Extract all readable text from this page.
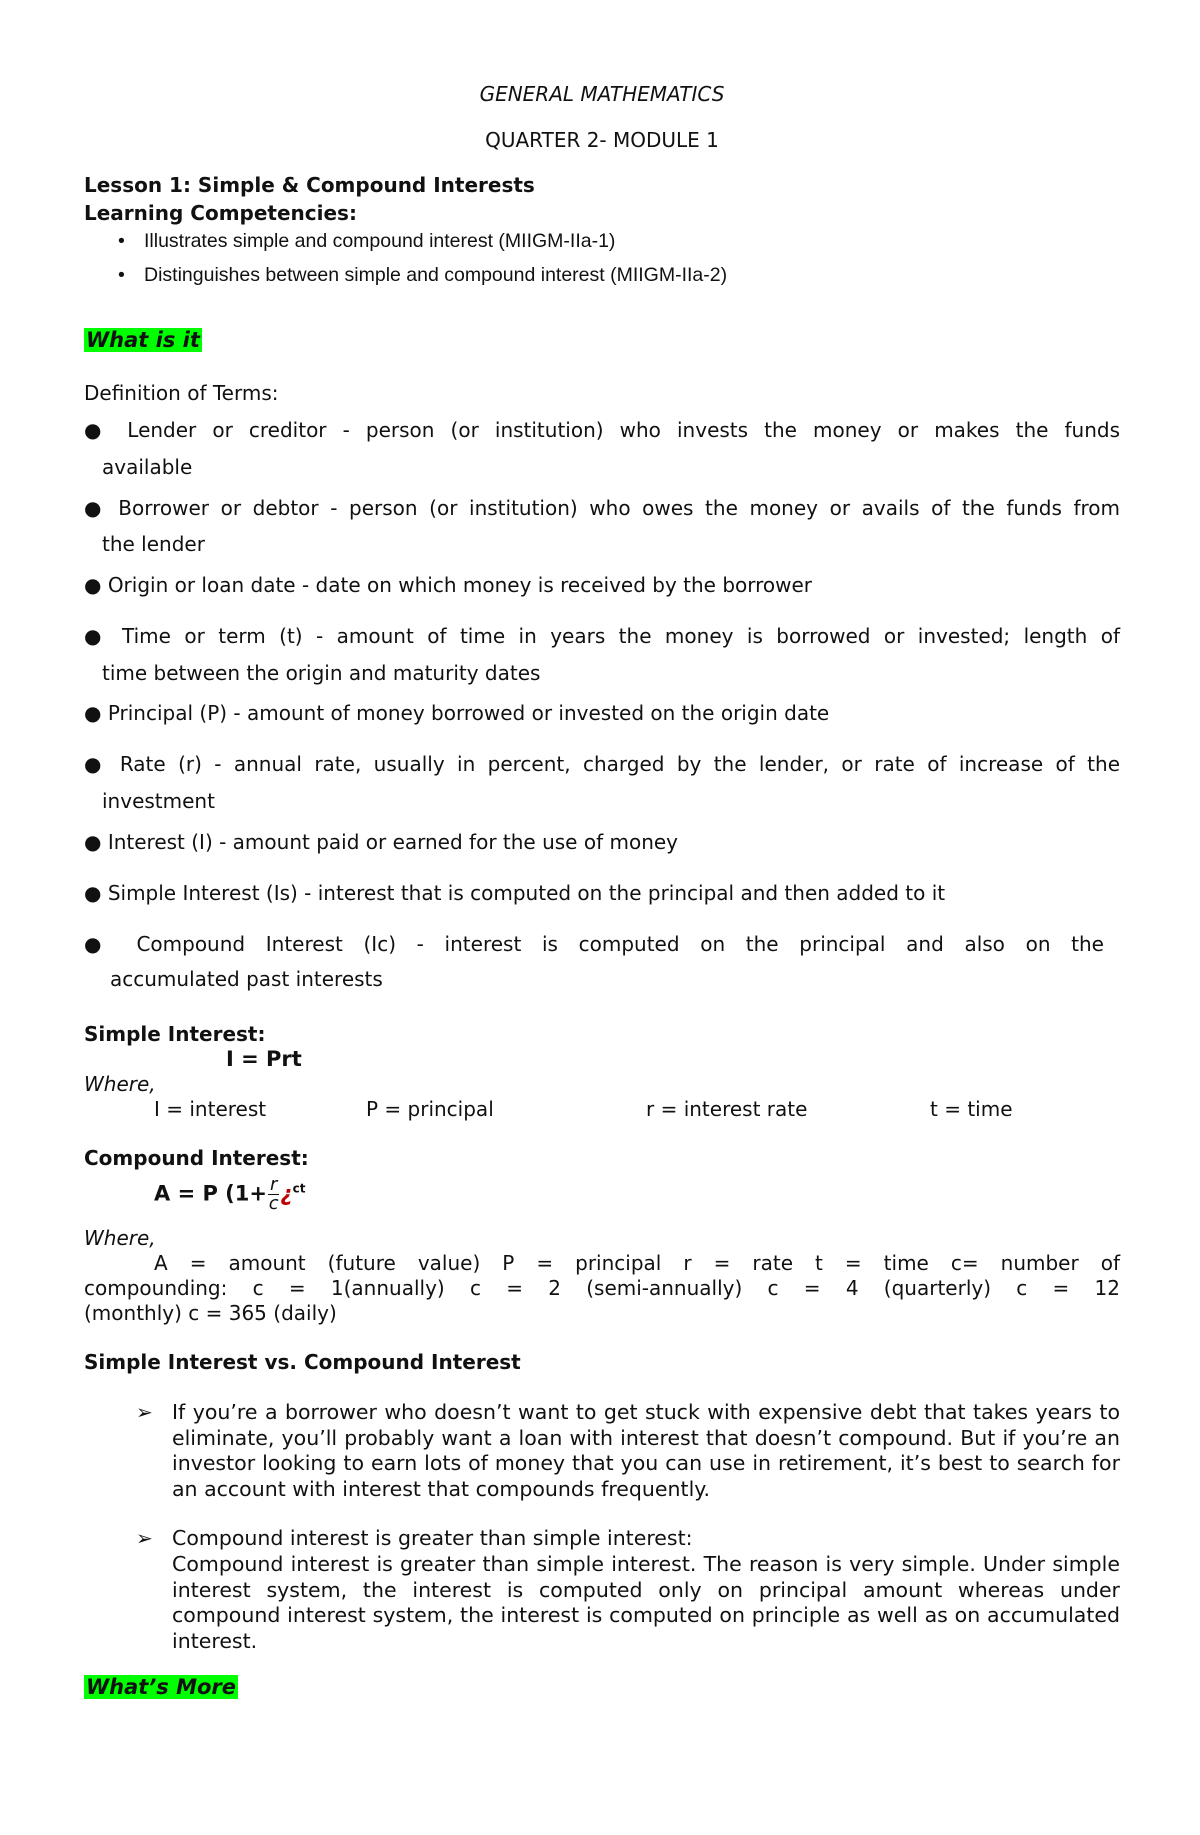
GENERAL MATHEMATICS
QUARTER 2- MODULE 1
Lesson 1: Simple & Compound Interests
Learning Competencies:
• Illustrates simple and compound interest (MIIGM-IIa-1)
• Distinguishes between simple and compound interest (MIIGM-IIa-2)
What is it
Definition of Terms:
● Lender or creditor - person (or institution) who invests the money or makes the funds
available
● Borrower or debtor - person (or institution) who owes the money or avails of the funds from
the lender
● Origin or loan date - date on which money is received by the borrower
● Time or term (t) - amount of time in years the money is borrowed or invested; length of
time between the origin and maturity dates
● Principal (P) - amount of money borrowed or invested on the origin date
● Rate (r) - annual rate, usually in percent, charged by the lender, or rate of increase of the
investment
● Interest (I) - amount paid or earned for the use of money
● Simple Interest (Is) - interest that is computed on the principal and then added to it
● Compound Interest (Ic) - interest is computed on the principal and also on the
accumulated past interests
Simple Interest:
I = Prt
Where,
I = interest	P = principal	r = interest rate	t = time
Compound Interest:
A = P ($1+ \frac{r}{c}$ ¿$^{ct}$
Where,
A = amount (future value) P = principal r = rate t = time c= number of
compounding: c = 1(annually) c = 2 (semi-annually) c = 4 (quarterly) c = 12
(monthly) c = 365 (daily)
Simple Interest vs. Compound Interest
➢ If you’re a borrower who doesn’t want to get stuck with expensive debt that takes years to eliminate, you’ll probably want a loan with interest that doesn’t compound. But if you’re an investor looking to earn lots of money that you can use in retirement, it’s best to search for an account with interest that compounds frequently.
➢ Compound interest is greater than simple interest:
Compound interest is greater than simple interest. The reason is very simple. Under simple interest system, the interest is computed only on principal amount whereas under compound interest system, the interest is computed on principle as well as on accumulated interest.
What’s More
